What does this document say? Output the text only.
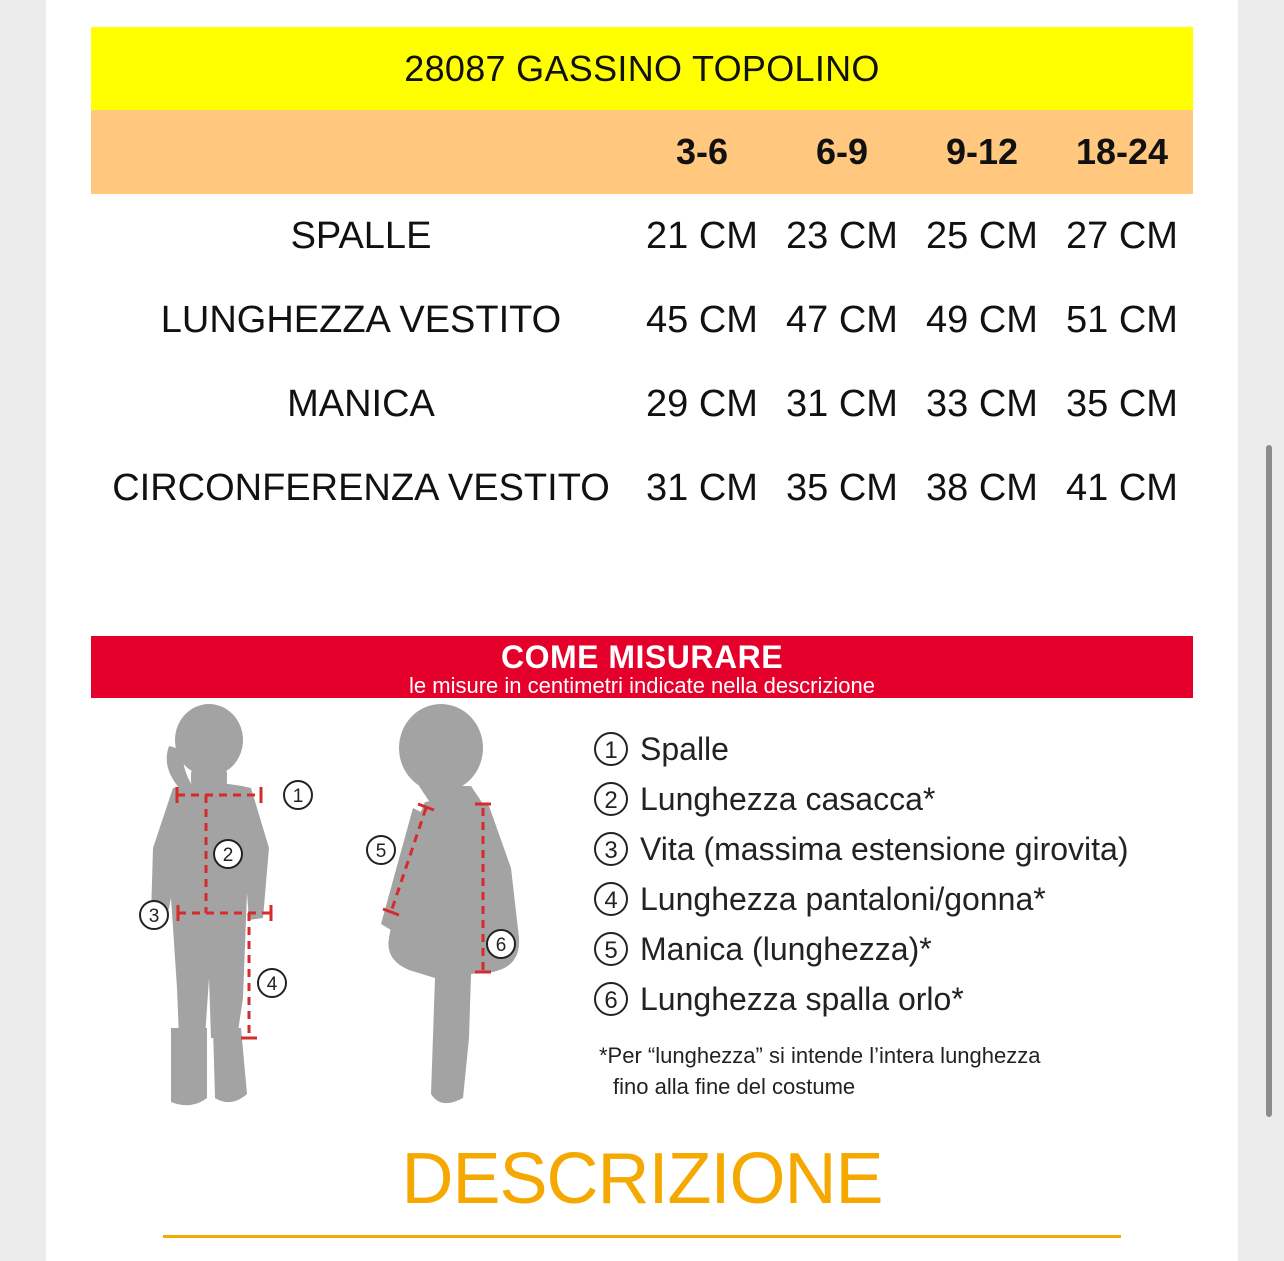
28087 GASSINO TOPOLINO
3-6	6-9	9-12	18-24
SPALLE	21 CM 23 CM 25 CM 27 CM
LUNGHEZZA VESTITO	45 CM 47 CM 49 CM 51 CM
MANICA	29 CM 31 CM 33 CM 35 CM
CIRCONFERENZA VESTITO 31 CM 35 CM 38 CM 41 CM
COME MISURARE
le misure in centimetri indicate nella descrizione
1
2
3
4
5
6
1 Spalle
2 Lunghezza casacca*
3 Vita (massima estensione girovita)
4 Lunghezza pantaloni/gonna*
5 Manica (lunghezza)*
6 Lunghezza spalla orlo*
*Per “lunghezza” si intende l’intera lunghezza
fino alla fine del costume
DESCRIZIONE
